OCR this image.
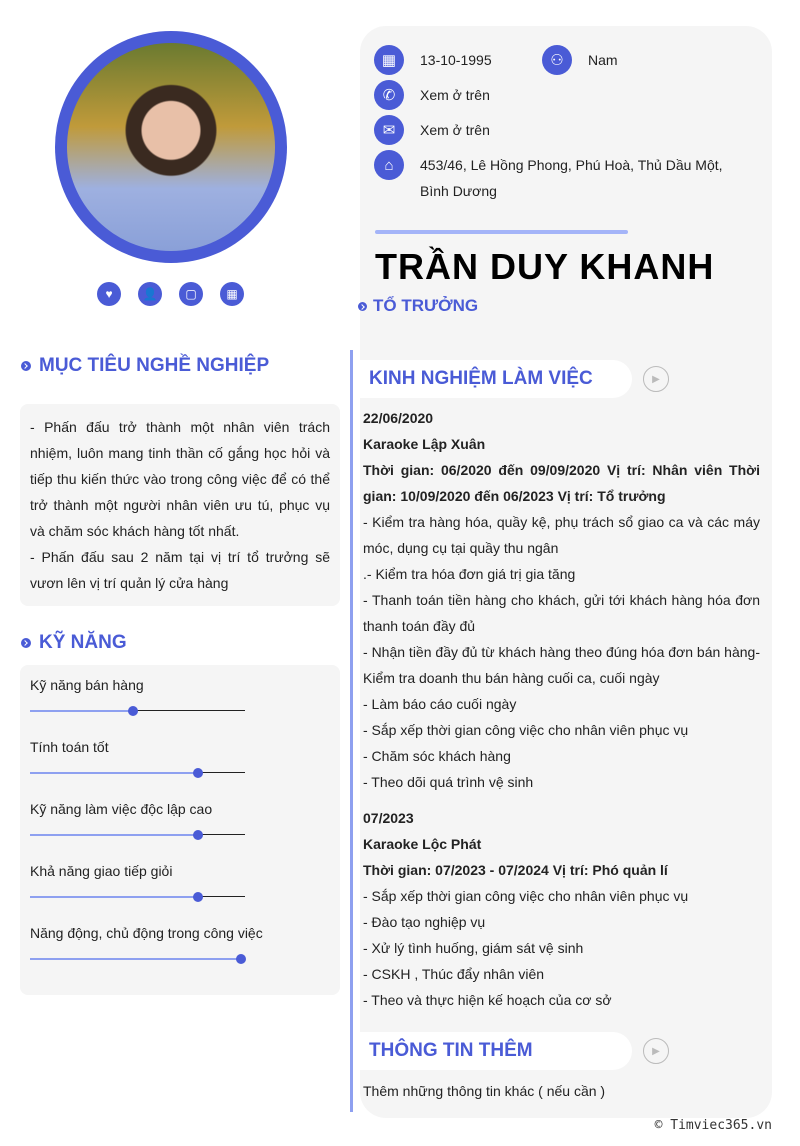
♥	👤	▢	▦
MỤC TIÊU NGHỀ NGHIỆP
- Phấn đấu trở thành một nhân viên trách nhiệm, luôn mang tinh thần cố gắng học hỏi và tiếp thu kiến thức vào trong công việc để có thể trở thành một người nhân viên ưu tú, phục vụ và chăm sóc khách hàng tốt nhất.
- Phấn đấu sau 2 năm tại vị trí tổ trưởng sẽ vươn lên vị trí quản lý cửa hàng
KỸ NĂNG
Kỹ năng bán hàng
Tính toán tốt
Kỹ năng làm việc độc lập cao
Khả năng giao tiếp giỏi
Năng động, chủ động trong công việc
▦	13-10-1995	⚇	Nam
✆	Xem ở trên
✉	Xem ở trên
⌂	453/46, Lê Hồng Phong, Phú Hoà, Thủ Dầu Một, Bình Dương
TRẦN DUY KHANH
TỔ TRƯỞNG
KINH NGHIỆM LÀM VIỆC	▶
22/06/2020
Karaoke Lập Xuân
Thời gian: 06/2020 đến 09/09/2020 Vị trí: Nhân viên Thời gian: 10/09/2020 đến 06/2023 Vị trí: Tổ trưởng
- Kiểm tra hàng hóa, quầy kệ, phụ trách sổ giao ca và các máy móc, dụng cụ tại quầy thu ngân
.- Kiểm tra hóa đơn giá trị gia tăng
- Thanh toán tiền hàng cho khách, gửi tới khách hàng hóa đơn thanh toán đầy đủ
- Nhận tiền đầy đủ từ khách hàng theo đúng hóa đơn bán hàng- Kiểm tra doanh thu bán hàng cuối ca, cuối ngày
- Làm báo cáo cuối ngày
- Sắp xếp thời gian công việc cho nhân viên phục vụ
- Chăm sóc khách hàng
- Theo dõi quá trình vệ sinh
07/2023
Karaoke Lộc Phát
Thời gian: 07/2023 - 07/2024 Vị trí: Phó quản lí
- Sắp xếp thời gian công việc cho nhân viên phục vụ
- Đào tạo nghiệp vụ
- Xử lý tình huống, giám sát vệ sinh
- CSKH , Thúc đẩy nhân viên
- Theo và thực hiện kế hoạch của cơ sở
THÔNG TIN THÊM	▶
Thêm những thông tin khác ( nếu cần )
© Timviec365.vn
